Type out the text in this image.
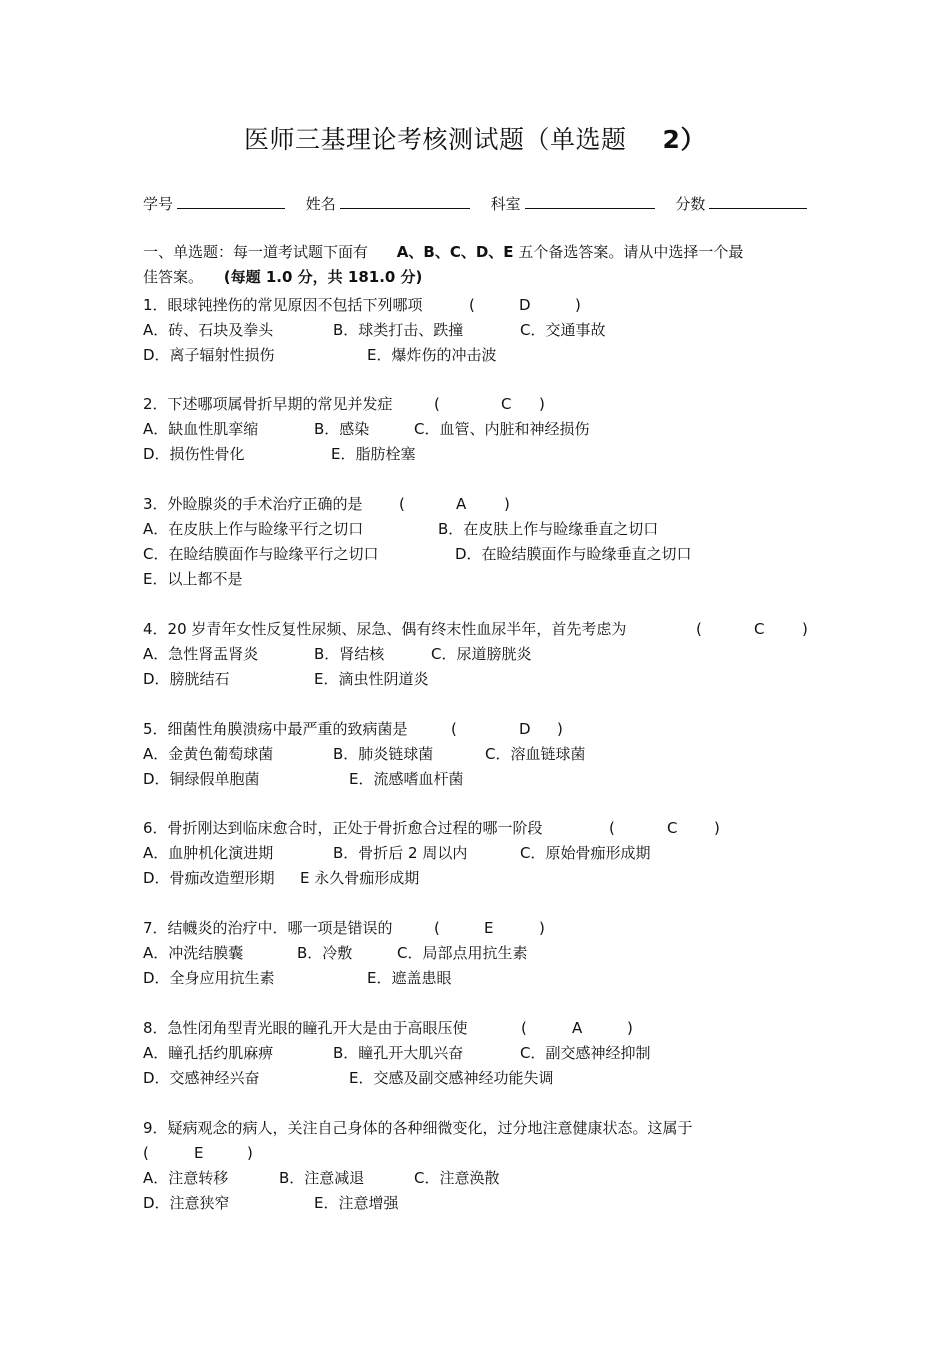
医师三基理论考核测试题（单选题 2）
学号	姓名	科室	分数
一、单选题：每一道考试题下面有 A、B、C、D、E 五个备选答案。请从中选择一个最
佳答案。 (每题 1.0 分，共 181.0 分)
1．眼球钝挫伤的常见原因不包括下列哪项	(	D	)
A．砖、石块及拳头	B．球类打击、跌撞	C．交通事故
D．离子辐射性损伤	E．爆炸伤的冲击波
2．下述哪项属骨折早期的常见并发症	(	C )
A．缺血性肌挛缩	B．感染	C．血管、内脏和神经损伤
D．损伤性骨化	E．脂肪栓塞
3．外睑腺炎的手术治疗正确的是 (	A	)
A．在皮肤上作与睑缘平行之切口	B．在皮肤上作与睑缘垂直之切口
C．在睑结膜面作与睑缘平行之切口	D．在睑结膜面作与睑缘垂直之切口
E．以上都不是
4．20 岁青年女性反复性尿频、尿急、偶有终末性血尿半年，首先考虑为	(	C	)
A．急性肾盂肾炎	B．肾结核	C．尿道膀胱炎
D．膀胱结石	E．滴虫性阴道炎
5．细菌性角膜溃疡中最严重的致病菌是	(	D )
A．金黄色葡萄球菌	B．肺炎链球菌	C．溶血链球菌
D．铜绿假单胞菌	E．流感嗜血杆菌
6．骨折刚达到临床愈合时，正处于骨折愈合过程的哪一阶段	(	C )
A．血肿机化演进期	B．骨折后 2 周以内	C．原始骨痂形成期
D．骨痂改造塑形期 E 永久骨痂形成期
7．结幭炎的治疗中．哪一项是错误的	(	E	)
A．冲洗结膜囊	B．冷敷	C．局部点用抗生素
D．全身应用抗生素	E．遮盖患眼
8．急性闭角型青光眼的瞳孔开大是由于高眼压使	(	A	)
A．瞳孔括约肌麻痹	B．瞳孔开大肌兴奋	C．副交感神经抑制
D．交感神经兴奋	E．交感及副交感神经功能失调
9．疑病观念的病人，关注自己身体的各种细微变化，过分地注意健康状态。这属于
(	E	)
A．注意转移	B．注意减退	C．注意涣散
D．注意狭窄	E．注意增强
